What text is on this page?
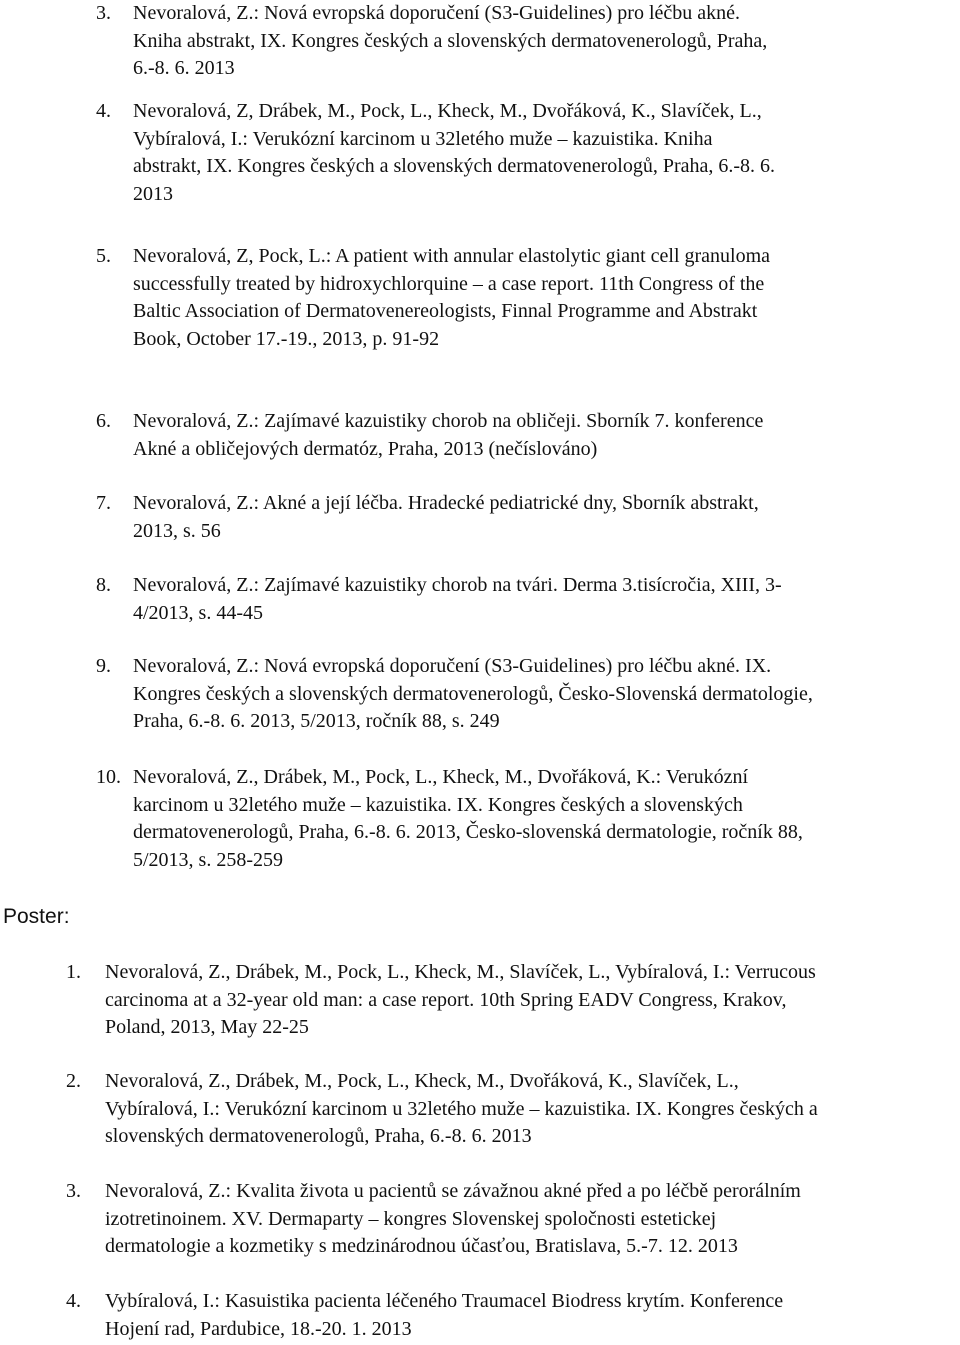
3. Nevoralová, Z.: Nová evropská doporučení (S3-Guidelines) pro léčbu akné.
Kniha abstrakt, IX. Kongres českých a slovenských dermatovenerologů, Praha,
6.-8. 6. 2013
4. Nevoralová, Z, Drábek, M., Pock, L., Kheck, M., Dvořáková, K., Slavíček, L.,
Vybíralová, I.: Verukózní karcinom u 32letého muže – kazuistika. Kniha
abstrakt, IX. Kongres českých a slovenských dermatovenerologů, Praha, 6.-8. 6.
2013
5. Nevoralová, Z, Pock, L.: A patient with annular elastolytic giant cell granuloma
successfully treated by hidroxychlorquine – a case report. 11th Congress of the
Baltic Association of Dermatovenereologists, Finnal Programme and Abstrakt
Book, October 17.-19., 2013, p. 91-92
6. Nevoralová, Z.: Zajímavé kazuistiky chorob na obličeji. Sborník 7. konference
Akné a obličejových dermatóz, Praha, 2013 (nečíslováno)
7. Nevoralová, Z.: Akné a její léčba. Hradecké pediatrické dny, Sborník abstrakt,
2013, s. 56
8. Nevoralová, Z.: Zajímavé kazuistiky chorob na tvári. Derma 3.tisícročia, XIII, 3-
4/2013, s. 44-45
9. Nevoralová, Z.: Nová evropská doporučení (S3-Guidelines) pro léčbu akné. IX.
Kongres českých a slovenských dermatovenerologů, Česko-Slovenská dermatologie,
Praha, 6.-8. 6. 2013, 5/2013, ročník 88, s. 249
10. Nevoralová, Z., Drábek, M., Pock, L., Kheck, M., Dvořáková, K.: Verukózní
karcinom u 32letého muže – kazuistika. IX. Kongres českých a slovenských
dermatovenerologů, Praha, 6.-8. 6. 2013, Česko-slovenská dermatologie, ročník 88,
5/2013, s. 258-259
Poster:
1. Nevoralová, Z., Drábek, M., Pock, L., Kheck, M., Slavíček, L., Vybíralová, I.: Verrucous
carcinoma at a 32-year old man: a case report. 10th Spring EADV Congress, Krakov,
Poland, 2013, May 22-25
2. Nevoralová, Z., Drábek, M., Pock, L., Kheck, M., Dvořáková, K., Slavíček, L.,
Vybíralová, I.: Verukózní karcinom u 32letého muže – kazuistika. IX. Kongres českých a
slovenských dermatovenerologů, Praha, 6.-8. 6. 2013
3. Nevoralová, Z.: Kvalita života u pacientů se závažnou akné před a po léčbě perorálním
izotretinoinem. XV. Dermaparty – kongres Slovenskej spoločnosti estetickej
dermatologie a kozmetiky s medzinárodnou účasťou, Bratislava, 5.-7. 12. 2013
4. Vybíralová, I.: Kasuistika pacienta léčeného Traumacel Biodress krytím. Konference
Hojení rad, Pardubice, 18.-20. 1. 2013
